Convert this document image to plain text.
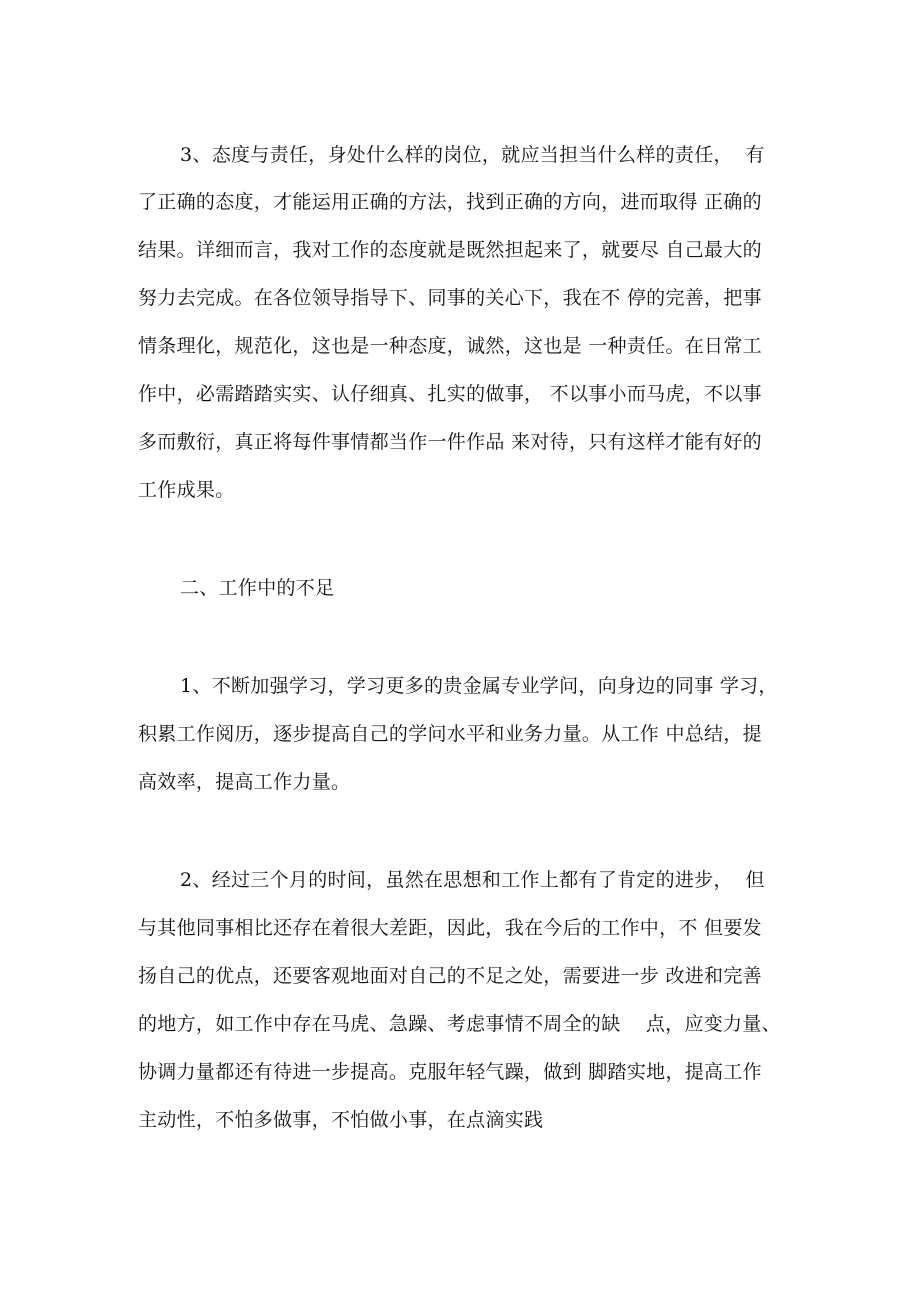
3、态度与责任，身处什么样的岗位，就应当担当什么样的责任，  有
了正确的态度，才能运用正确的方法，找到正确的方向，进而取得 正确的
结果。详细而言，我对工作的态度就是既然担起来了，就要尽 自己最大的
努力去完成。在各位领导指导下、同事的关心下，我在不 停的完善，把事
情条理化，规范化，这也是一种态度，诚然，这也是 一种责任。在日常工
作中，必需踏踏实实、认仔细真、扎实的做事， 不以事小而马虎，不以事
多而敷衍，真正将每件事情都当作一件作品 来对待，只有这样才能有好的
工作成果。
二、工作中的不足
1、不断加强学习，学习更多的贵金属专业学问，向身边的同事 学习，
积累工作阅历，逐步提高自己的学问水平和业务力量。从工作 中总结，提
高效率，提高工作力量。
2、经过三个月的时间，虽然在思想和工作上都有了肯定的进步，  但
与其他同事相比还存在着很大差距，因此，我在今后的工作中，不 但要发
扬自己的优点，还要客观地面对自己的不足之处，需要进一步 改进和完善
的地方，如工作中存在马虎、急躁、考虑事情不周全的缺    点，应变力量、
协调力量都还有待进一步提高。克服年轻气躁，做到 脚踏实地，提高工作
主动性，不怕多做事，不怕做小事，在点滴实践
